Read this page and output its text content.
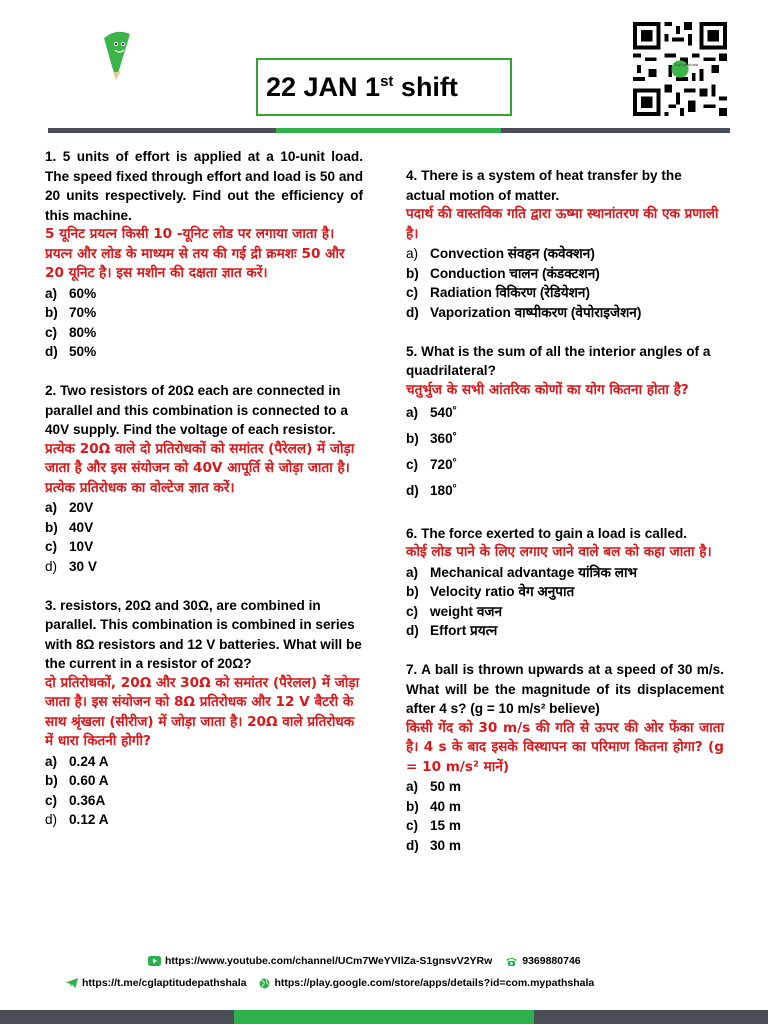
22 JAN 1st shift
MyPathshala

1. 5 units of effort is applied at a 10-unit load. The speed fixed through effort and load is 50 and 20 units respectively. Find out the efficiency of this machine.

5 यूनिट प्रयत्न किसी 10 -यूनिट लोड पर लगाया जाता है। प्रयत्न और लोड के माध्यम से तय की गई द्री क्रमशः 50 और 20 यूनिट है। इस मशीन की दक्षता ज्ञात करें।

a) 60%

b) 70%

c) 80%

d) 50%

2. Two resistors of 20Ω each are connected in parallel and this combination is connected to a 40V supply. Find the voltage of each resistor.

प्रत्येक 20Ω वाले दो प्रतिरोधकों को समांतर (पैरेलल) में जोड़ा जाता है और इस संयोजन को 40V आपूर्ति से जोड़ा जाता है। प्रत्येक प्रतिरोधक का वोल्टेज ज्ञात करें।

a) 20V

b) 40V

c) 10V

d) 30 V

3. resistors, 20Ω and 30Ω, are combined in parallel. This combination is combined in series with 8Ω resistors and 12 V batteries. What will be the current in a resistor of 20Ω?

दो प्रतिरोधकों, 20Ω और 30Ω को समांतर (पैरेलल) में जोड़ा जाता है। इस संयोजन को 8Ω प्रतिरोधक और 12 V बैटरी के साथ श्रृंखला (सीरीज) में जोड़ा जाता है। 20Ω वाले प्रतिरोधक में धारा कितनी होगी?

a) 0.24 A

b) 0.60 A

c) 0.36A

d) 0.12 A

4. There is a system of heat transfer by the actual motion of matter.

पदार्थ की वास्तविक गति द्वारा ऊष्मा स्थानांतरण की एक प्रणाली है।

a) Convection संवहन (कवेक्शन)

b) Conduction चालन (कंडक्टशन)

c) Radiation विकिरण (रेडियेशन)

d) Vaporization वाष्पीकरण (वेपोराइजेशन)

5. What is the sum of all the interior angles of a quadrilateral?

चतुर्भुज के सभी आंतरिक कोणों का योग कितना होता है?

a) 540˚

b) 360˚

c) 720˚

d) 180˚

6. The force exerted to gain a load is called.

कोई लोड पाने के लिए लगाए जाने वाले बल को कहा जाता है।

a) Mechanical advantage यांत्रिक लाभ

b) Velocity ratio वेग अनुपात

c) weight वजन

d) Effort प्रयत्न

7. A ball is thrown upwards at a speed of 30 m/s. What will be the magnitude of its displacement after 4 s? (g = 10 m/s² believe)

किसी गेंद को 30 m/s की गति से ऊपर की ओर फेंका जाता है। 4 s के बाद इसके विस्थापन का परिमाण कितना होगा? (g = 10 m/s² मानें)

a) 50 m

b) 40 m

c) 15 m

d) 30 m

https://www.youtube.com/channel/UCm7WeYVIlZa-S1gnsvV2YRw	9369880746
https://t.me/cglaptitudepathshala	https://play.google.com/store/apps/details?id=com.mypathshala
